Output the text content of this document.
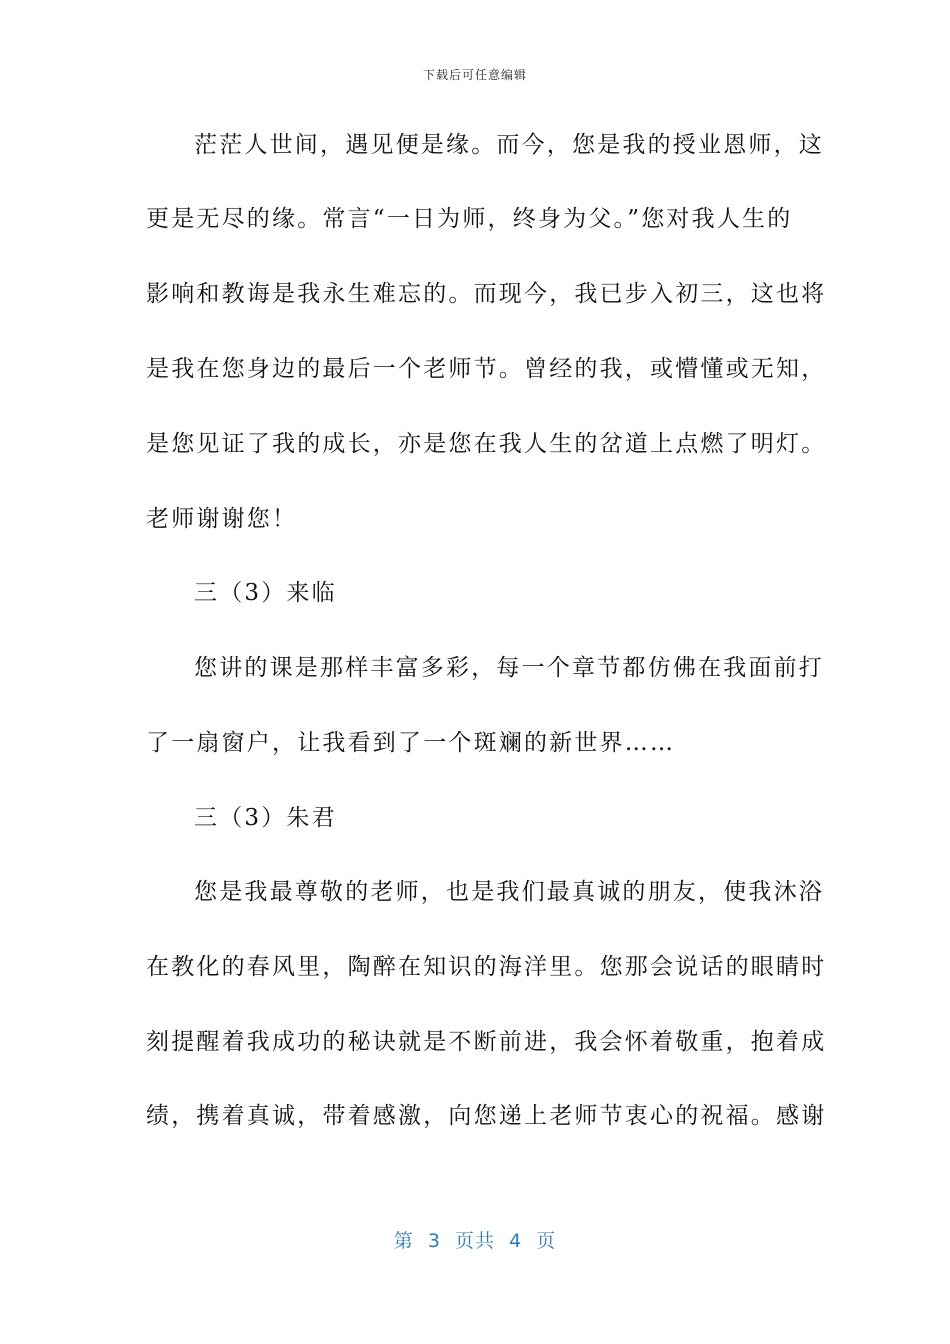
下载后可任意编辑
茫茫人世间，遇见便是缘。而今，您是我的授业恩师，这
更是无尽的缘。常言“一日为师，终身为父。”您对我人生的
影响和教诲是我永生难忘的。而现今，我已步入初三，这也将
是我在您身边的最后一个老师节。曾经的我，或懵懂或无知，
是您见证了我的成长，亦是您在我人生的岔道上点燃了明灯。
老师谢谢您！
三（3）来临
您讲的课是那样丰富多彩，每一个章节都仿佛在我面前打
了一扇窗户，让我看到了一个斑斓的新世界……
三（3）朱君
您是我最尊敬的老师，也是我们最真诚的朋友，使我沐浴
在教化的春风里，陶醉在知识的海洋里。您那会说话的眼睛时
刻提醒着我成功的秘诀就是不断前进，我会怀着敬重，抱着成
绩，携着真诚，带着感激，向您递上老师节衷心的祝福。感谢
第  3  页共  4  页
